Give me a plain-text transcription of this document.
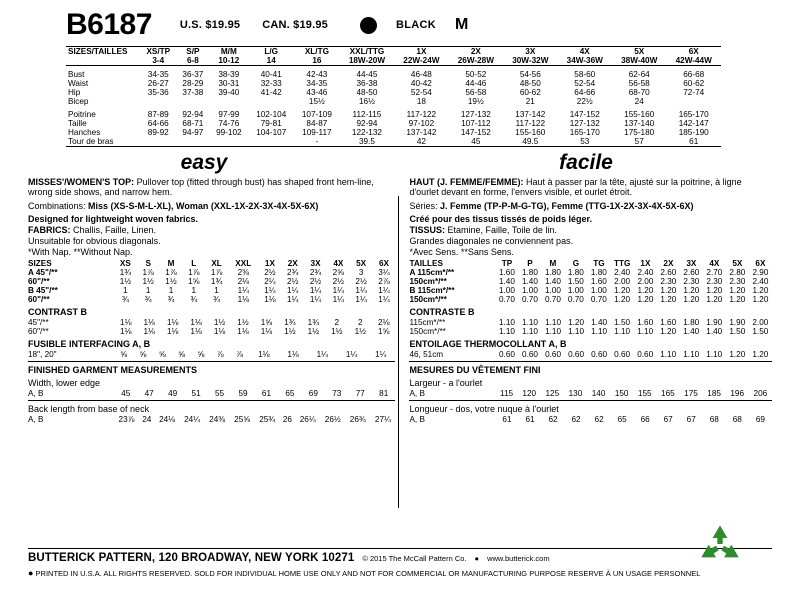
B6187	U.S. $19.95 CAN. $19.95	BLACK M
SIZES/TAILLES	XS/TP	S/P	M/M	L/G	XL/TG	XXL/TTG	1X	2X	3X	4X	5X	6X
	3-4	6-8	10-12	14	16	18W-20W	22W-24W	26W-28W	30W-32W	34W-36W	38W-40W	42W-44W

Bust	34-35	36-37	38-39	40-41	42-43	44-45	46-48	50-52	54-56	58-60	62-64	66-68
Waist	26-27	28-29	30-31	32-33	34-35	36-38	40-42	44-46	48-50	52-54	56-58	60-62
Hip	35-36	37-38	39-40	41-42	43-46	48-50	52-54	56-58	60-62	64-66	68-70	72-74
Bicep					15½	16½	18	19½	21	22½	24	

Poitrine	87-89	92-94	97-99	102-104	107-109	112-115	117-122	127-132	137-142	147-152	155-160	165-170
Taille	64-66	68-71	74-76	79-81	84-87	92-94	97-102	107-112	117-122	127-132	137-140	142-147
Hanches	89-92	94-97	99-102	104-107	109-117	122-132	137-142	147-152	155-160	165-170	175-180	185-190
Tour de bras					-	39.5	42	45	49.5	53	57	61
easy	facile

MISSES'/WOMEN'S TOP: Pullover top (fitted through bust) has shaped front hem-line, wrong side shows, and narrow hem.

Combinations: Miss (XS-S-M-L-XL), Woman (XXL-1X-2X-3X-4X-5X-6X)

Designed for lightweight woven fabrics.

FABRICS: Challis, Faille, Linen.

Unsuitable for obvious diagonals.

*With Nap. **Without Nap.

SIZES	XS	S	M	L	XL	XXL	1X	2X	3X	4X	5X	6X
A 45"/**	1¾	1⅞	1⅞	1⅞	1⅞	2⅜	2½	2¾	2¾	2⅝	3	3¼
60"/**	1½	1½	1½	1⅝	1¾	2⅛	2¼	2½	2½	2½	2½	2⅞
B 45"/**	1	1	1	1	1	1¼	1¼	1¼	1¼	1¼	1¼	1¼
60"/**	¾	¾	¾	¾	¾	1⅛	1⅛	1¼	1¼	1¼	1¼	1¼
CONTRAST B
45"/**	1⅛	1⅛	1⅛	1⅛	1½	1½	1⅝	1¾	1¾	2	2	2⅛
60"/**	1⅛	1⅛	1⅛	1⅛	1⅛	1⅛	1⅛	1½	1½	1½	1½	1⅝
FUSIBLE INTERFACING A, B
18", 20"	⅝	⅝	⅝	⅝	⅝	⅞	⅞	1⅛	1⅛	1¼	1¼	1¼
FINISHED GARMENT MEASUREMENTS
Width, lower edge
A, B	45	47	49	51	55	59	61	65	69	73	77	81
Back length from base of neck
A, B	23⅞	24	24⅛	24¼	24⅜	25⅝	25¾	26	26¼	26½	26¾	27¼

HAUT (J. FEMME/FEMME): Haut à passer par la tête, ajusté sur la poitrine, à ligne d'ourlet devant en forme, l'envers visible, et ourlet étroit.

Séries: J. Femme (TP-P-M-G-TG), Femme (TTG-1X-2X-3X-4X-5X-6X)

Créé pour des tissus tissés de poids léger.

TISSUS: Etamine, Faille, Toile de lin.

Grandes diagonales ne conviennent pas.

*Avec Sens. **Sans Sens.

TAILLES	TP	P	M	G	TG	TTG	1X	2X	3X	4X	5X	6X
A 115cm*/**	1.60	1.80	1.80	1.80	1.80	2.40	2.40	2.60	2.60	2.70	2.80	2.90
150cm*/**	1.40	1.40	1.40	1.50	1.60	2.00	2.00	2.30	2.30	2.30	2.30	2.40
B 115cm*/**	1.00	1.00	1.00	1.00	1.00	1.20	1.20	1.20	1.20	1.20	1.20	1.20
150cm*/**	0.70	0.70	0.70	0.70	0.70	1.20	1.20	1.20	1.20	1.20	1.20	1.20
CONTRASTE B
115cm*/**	1.10	1.10	1.10	1.20	1.40	1.50	1.60	1.60	1.80	1.90	1.90	2.00
150cm*/**	1.10	1.10	1.10	1.10	1.10	1.10	1.10	1.20	1.40	1.40	1.50	1.50
ENTOILAGE THERMOCOLLANT A, B
46, 51cm	0.60	0.60	0.60	0.60	0.60	0.60	0.60	1.10	1.10	1.10	1.20	1.20
MESURES DU VÊTEMENT FINI
Largeur - a l'ourlet
A, B	115	120	125	130	140	150	155	165	175	185	196	206
Longueur - dos, votre nuque à l'ourlet
A, B	61	61	62	62	62	65	66	67	67	68	68	69
BUTTERICK PATTERN, 120 BROADWAY, NEW YORK 10271 © 2015 The McCall Pattern Co. ● www.butterick.com
● PRINTED IN U.S.A. ALL RIGHTS RESERVED. SOLD FOR INDIVIDUAL HOME USE ONLY AND NOT FOR COMMERCIAL OR MANUFACTURING PURPOSE RESERVE À UN USAGE PERSONNEL
